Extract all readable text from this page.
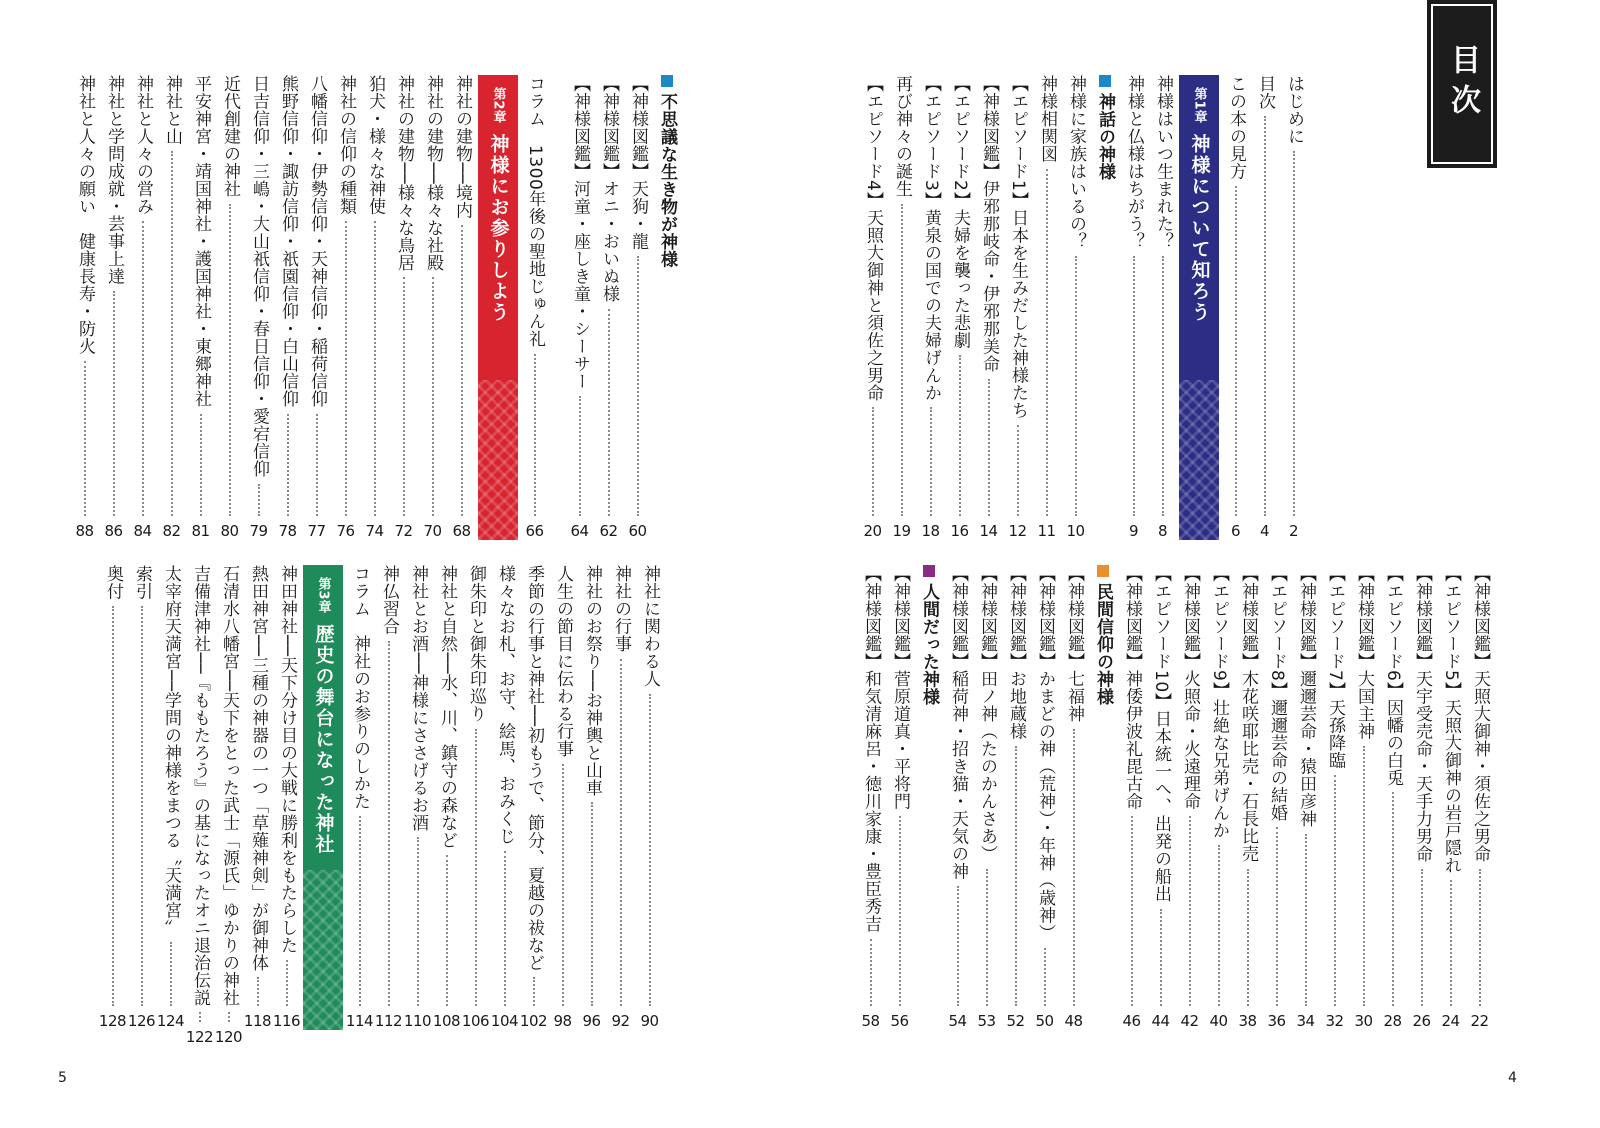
不思議な生き物が神様
【神様図鑑】天狗・龍
60
【神様図鑑】オニ・おいぬ様
62
【神様図鑑】河童・座しき童・シーサー
64
コラム　1300年後の聖地じゅん礼
66
第2章
神様にお参りしよう
神社の建物──境内
68
神社の建物──様々な社殿
70
神社の建物──様々な鳥居
72
狛犬・様々な神使
74
神社の信仰の種類
76
八幡信仰・伊勢信仰・天神信仰・稲荷信仰
77
熊野信仰・諏訪信仰・祇園信仰・白山信仰
78
日吉信仰・三嶋・大山祇信仰・春日信仰・愛宕信仰
79
近代創建の神社
80
平安神宮・靖国神社・護国神社・東郷神社
81
神社と山
82
神社と人々の営み
84
神社と学問成就・芸事上達
86
神社と人々の願い　健康長寿・防火
88
神社に関わる人
90
神社の行事
92
神社のお祭り──お神輿と山車
96
人生の節目に伝わる行事
98
季節の行事と神社──初もうで、節分、夏越の祓など
102
様々なお札、お守、絵馬、おみくじ
104
御朱印と御朱印巡り
106
神社と自然──水、川、鎮守の森など
108
神社とお酒──神様にささげるお酒
110
神仏習合
112
コラム　神社のお参りのしかた
114
第3章
歴史の舞台になった神社
神田神社──天下分け目の大戦に勝利をもたらした
116
熱田神宮──三種の神器の一つ「草薙神剣」が御神体
118
石清水八幡宮──天下をとった武士「源氏」ゆかりの神社
120
吉備津神社──『ももたろう』の基になったオニ退治伝説
122
太宰府天満宮──学問の神様をまつる〝天満宮〟
124
索引
126
奥付
128
5
はじめに
2
目次
4
この本の見方
6
第1章
神様について知ろう
神様はいつ生まれた？
8
神様と仏様はちがう？
9
神話の神様
神様に家族はいるの？
10
神様相関図
11
【エピソード1】日本を生みだした神様たち
12
【神様図鑑】伊邪那岐命・伊邪那美命
14
【エピソード2】夫婦を襲った悲劇
16
【エピソード3】黄泉の国での夫婦げんか
18
再び神々の誕生
19
【エピソード4】天照大御神と須佐之男命
20
【神様図鑑】天照大御神・須佐之男命
22
【エピソード5】天照大御神の岩戸隠れ
24
【神様図鑑】天宇受売命・天手力男命
26
【エピソード6】因幡の白兎
28
【神様図鑑】大国主神
30
【エピソード7】天孫降臨
32
【神様図鑑】邇邇芸命・猿田彦神
34
【エピソード8】邇邇芸命の結婚
36
【神様図鑑】木花咲耶比売・石長比売
38
【エピソード9】壮絶な兄弟げんか
40
【神様図鑑】火照命・火遠理命
42
【エピソード10】日本統一へ、出発の船出
44
【神様図鑑】神倭伊波礼毘古命
46
民間信仰の神様
【神様図鑑】七福神
48
【神様図鑑】かまどの神（荒神）・年神（歳神）
50
【神様図鑑】お地蔵様
52
【神様図鑑】田ノ神（たのかんさあ）
53
【神様図鑑】稲荷神・招き猫・天気の神
54
人間だった神様
【神様図鑑】菅原道真・平将門
56
【神様図鑑】和気清麻呂・徳川家康・豊臣秀吉
58
4
目次
